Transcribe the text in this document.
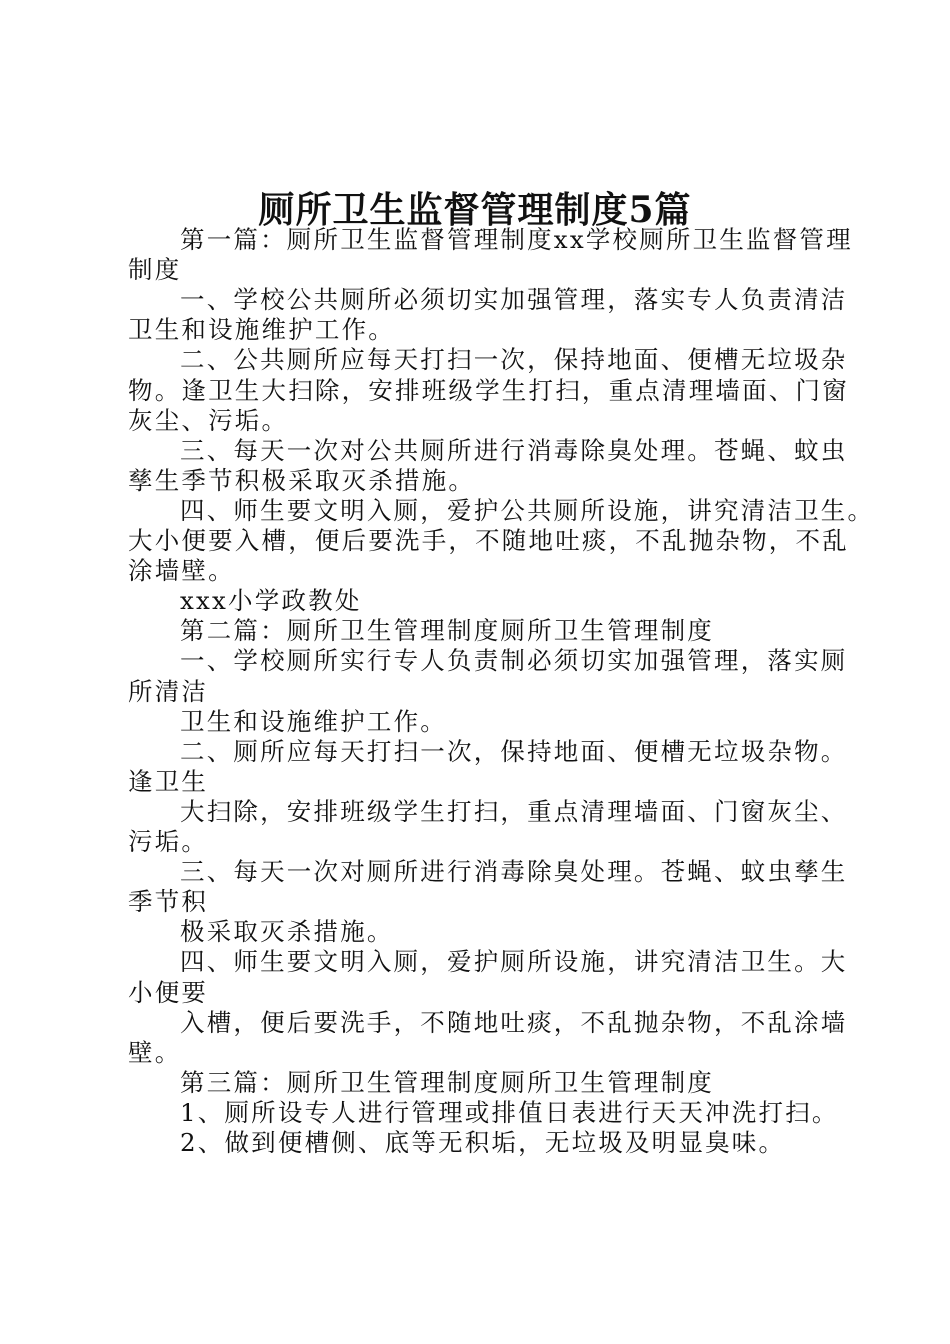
厕所卫生监督管理制度5篇
第一篇：厕所卫生监督管理制度xx学校厕所卫生监督管理
制度
一、学校公共厕所必须切实加强管理，落实专人负责清洁
卫生和设施维护工作。
二、公共厕所应每天打扫一次，保持地面、便槽无垃圾杂
物。逢卫生大扫除，安排班级学生打扫，重点清理墙面、门窗
灰尘、污垢。
三、每天一次对公共厕所进行消毒除臭处理。苍蝇、蚊虫
孳生季节积极采取灭杀措施。
四、师生要文明入厕，爱护公共厕所设施，讲究清洁卫生。
大小便要入槽，便后要洗手，不随地吐痰，不乱抛杂物，不乱
涂墙壁。
xxx小学政教处
第二篇：厕所卫生管理制度厕所卫生管理制度
一、学校厕所实行专人负责制必须切实加强管理，落实厕
所清洁
卫生和设施维护工作。
二、厕所应每天打扫一次，保持地面、便槽无垃圾杂物。
逢卫生
大扫除，安排班级学生打扫，重点清理墙面、门窗灰尘、
污垢。
三、每天一次对厕所进行消毒除臭处理。苍蝇、蚊虫孳生
季节积
极采取灭杀措施。
四、师生要文明入厕，爱护厕所设施，讲究清洁卫生。大
小便要
入槽，便后要洗手，不随地吐痰，不乱抛杂物，不乱涂墙
壁。
第三篇：厕所卫生管理制度厕所卫生管理制度
1、厕所设专人进行管理或排值日表进行天天冲洗打扫。
2、做到便槽侧、底等无积垢，无垃圾及明显臭味。
